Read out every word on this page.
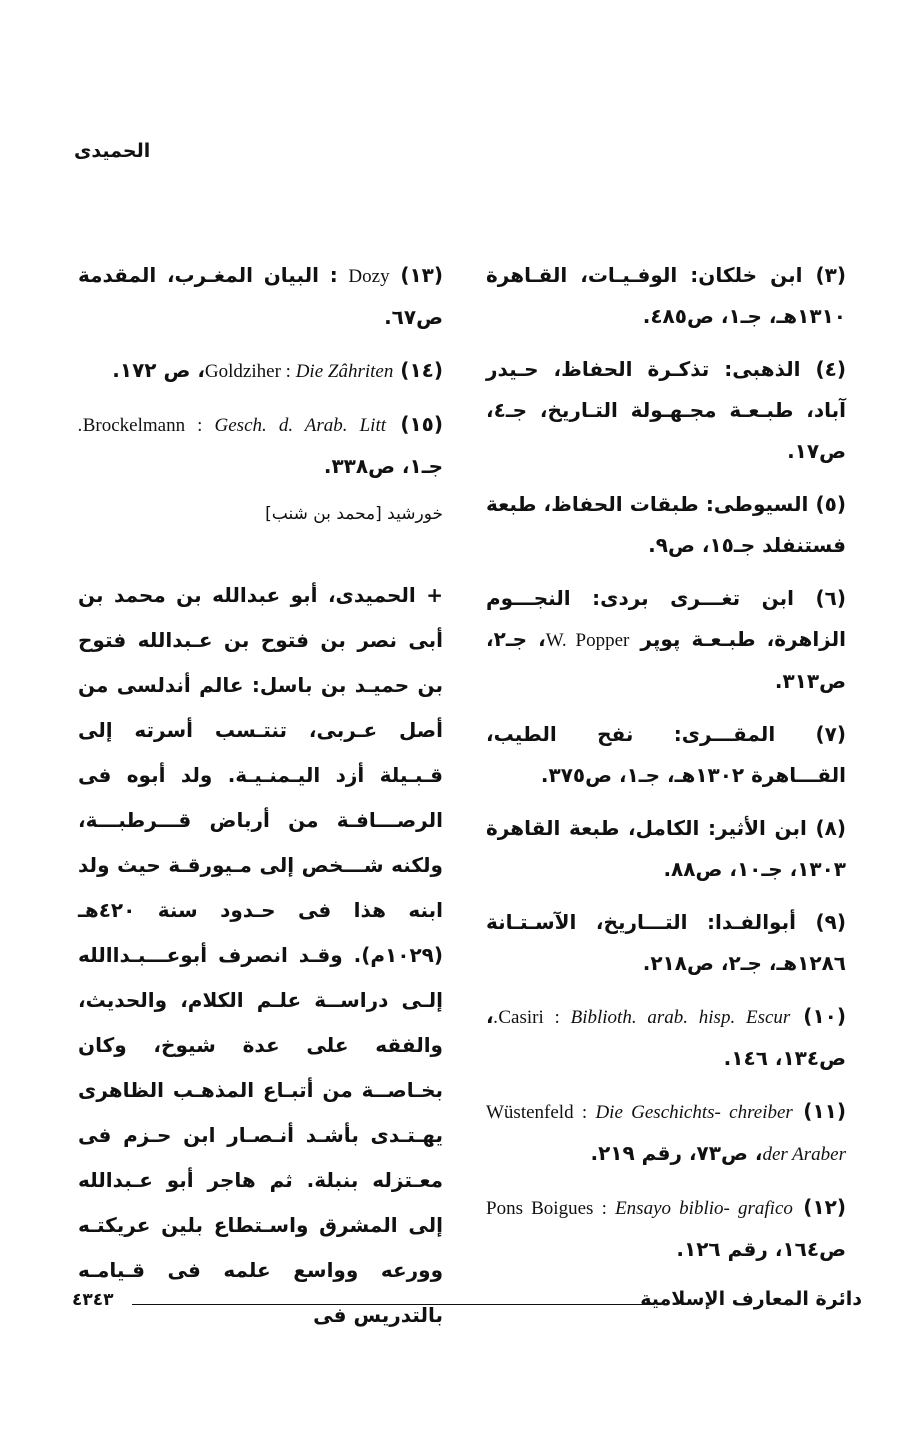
الحميدى
(٣) ابن خلكان: الوفـيـات، القـاهرة ١٣١٠هـ، جـ١، ص٤٨٥.
(٤) الذهبى: تذكـرة الحفاظ، حـيدر آباد، طبـعـة مجـهـولة التـاريخ، جـ٤، ص١٧.
(٥) السيوطى: طبقات الحفاظ، طبعة فستنفلد جـ١٥، ص٩.
(٦) ابن تغـــرى بردى: النجـــوم الزاهرة، طبـعـة پوپر W. Popper، جـ٢، ص٣١٣.
(٧) المقـــرى: نفح الطيب، القـــاهرة ١٣٠٢هـ، جـ١، ص٣٧٥.
(٨) ابن الأثير: الكامل، طبعة القاهرة ١٣٠٣، جـ١٠، ص٨٨.
(٩) أبوالفـدا: التـــاريخ، الآسـتـانة ١٢٨٦هـ، جـ٢، ص٢١٨.
(١٠) Casiri : Biblioth. arab. hisp. Escur.، ص١٣٤، ١٤٦.
(١١) Wüstenfeld : Die Geschichts- chreiber der Araber، ص٧٣، رقم ٢١٩.
(١٢) Pons Boigues : Ensayo biblio- grafico ص١٦٤، رقم ١٢٦.
(١٣) Dozy : البيان المغـرب، المقدمة ص٦٧.
(١٤) Goldziher : Die Zâhriten، ص ١٧٢.
(١٥) Brockelmann : Gesch. d. Arab. Litt. جـ١، ص٣٣٨.
خورشيد [محمد بن شنب]
+ الحميدى، أبو عبدالله بن محمد بن أبى نصر بن فتوح بن عـبدالله فتوح بن حميـد بن باسل: عالم أندلسى من أصل عـربى، تنتـسب أسرته إلى قـبـيلة أزد اليـمنـيـة. ولد أبوه فى الرصـــافـة من أرباض قـــرطبـــة، ولكنه شـــخص إلى مـيورقـة حيث ولد ابنه هذا فى حـدود سنة ٤٢٠هـ (١٠٢٩م). وقـد انصرف أبوعـــبـداالله إلـى دراســة علـم الكلام، والحديث، والفقه على عدة شيوخ، وكان بخـاصــة من أتبـاع المذهـب الظاهرى يهـتـدى بأشـد أنـصـار ابن حـزم فى معـتزله بنبلة. ثم هاجر أبو عـبدالله إلى المشرق واسـتطاع بلين عريكتـه وورعه وواسع علمه فى قـيامـه بالتدريس فى
٤٣٤٣	دائرة المعارف الإسلامية
